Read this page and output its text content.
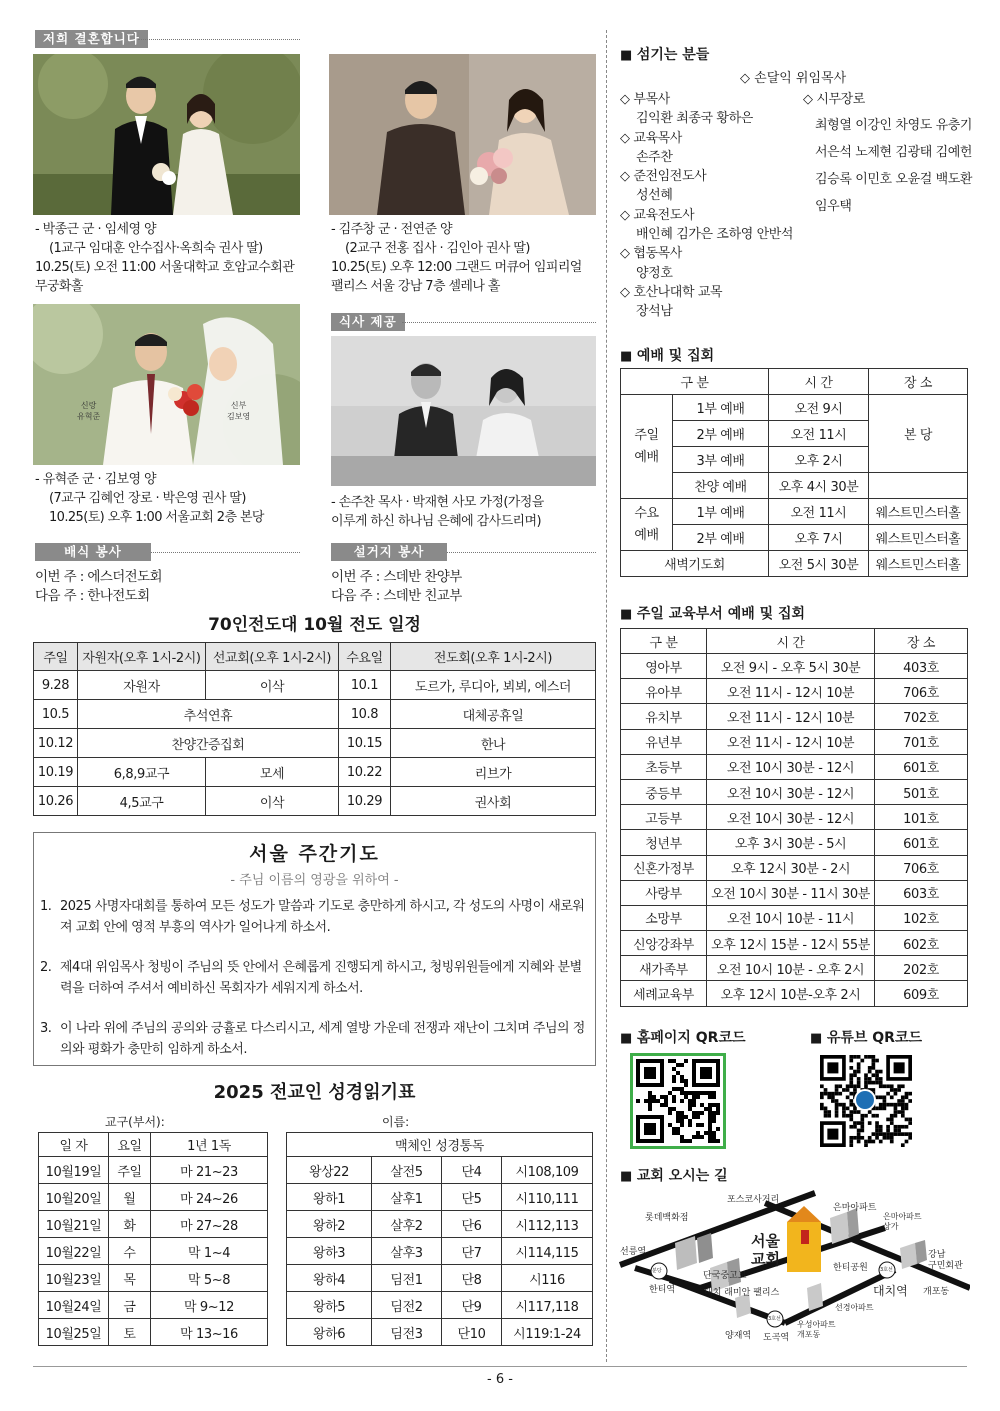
저희 결혼합니다
- 박종근 군 · 임세영 양
(1교구 임대훈 안수집사·옥희숙 권사 딸)
10.25(토) 오전 11:00 서울대학교 호암교수회관
무궁화홀
- 김주창 군 · 전연준 양
(2교구 전홍 집사 · 김인아 권사 딸)
10.25(토) 오후 12:00 그랜드 머큐어 임피리얼
팰리스 서울 강남 7층 셀레나 홀
신랑
유혁준
신부
김보영
- 유혁준 군 · 김보영 양
(7교구 김혜언 장로 · 박은영 권사 딸)
10.25(토) 오후 1:00 서울교회 2층 본당
식사 제공
- 손주찬 목사 · 박재현 사모 가정(가정을
이루게 하신 하나님 은혜에 감사드리며)
배식 봉사
이번 주 : 에스더전도회
다음 주 : 한나전도회
설거지 봉사
이번 주 : 스데반 찬양부
다음 주 : 스데반 친교부
70인전도대 10월 전도 일정
주일	자원자(오후 1시-2시)	선교회(오후 1시-2시)	수요일	전도회(오후 1시-2시)
9.28	자원자	이삭	10.1	도르가, 루디아, 뵈뵈, 에스더
10.5	추석연휴		10.8	대체공휴일
10.12	찬양간증집회		10.15	한나
10.19	6,8,9교구	모세	10.22	리브가
10.26	4,5교구	이삭	10.29	권사회
서울 주간기도
- 주님 이름의 영광을 위하여 -
1. 2025 사명자대회를 통하여 모든 성도가 말씀과 기도로 충만하게 하시고, 각 성도의 사명이 새로워져 교회 안에 영적 부흥의 역사가 일어나게 하소서.
2. 제4대 위임목사 청빙이 주님의 뜻 안에서 은혜롭게 진행되게 하시고, 청빙위원들에게 지혜와 분별력을 더하여 주셔서 예비하신 목회자가 세워지게 하소서.
3. 이 나라 위에 주님의 공의와 긍휼로 다스리시고, 세계 열방 가운데 전쟁과 재난이 그치며 주님의 정의와 평화가 충만히 임하게 하소서.
2025 전교인 성경읽기표
교구(부서):	이름:
일 자	요일	1년 1독
10월19일	주일	마 21~23
10월20일	월	마 24~26
10월21일	화	마 27~28
10월22일	수	막 1~4
10월23일	목	막 5~8
10월24일	금	막 9~12
10월25일	토	막 13~16
맥체인 성경통독			
왕상22	살전5	단4	시108,109
왕하1	살후1	단5	시110,111
왕하2	살후2	단6	시112,113
왕하3	살후3	단7	시114,115
왕하4	딤전1	단8	시116
왕하5	딤전2	단9	시117,118
왕하6	딤전3	단10	시119:1-24
■ 섬기는 분들
◇ 손달익 위임목사
◇ 부목사
김익환 최종국 황하은
◇ 교육목사
손주찬
◇ 준전임전도사
성선혜
◇ 교육전도사
배인혜 김가은 조하영 안반석
◇ 협동목사
양정호
◇ 호산나대학 교목
장석남
◇ 시무장로
최형열 이강인 차영도 유충기
서은석 노제현 김광태 김예헌
김승록 이민호 오윤걸 백도환
임우택
■ 예배 및 집회
구 분		시 간	장 소
주일
예배	1부 예배	오전 9시	본 당
	2부 예배	오전 11시	
	3부 예배	오후 2시	
	찬양 예배	오후 4시 30분	
수요
예배	1부 예배	오전 11시	웨스트민스터홀
	2부 예배	오후 7시	웨스트민스터홀
새벽기도회		오전 5시 30분	웨스트민스터홀
■ 주일 교육부서 예배 및 집회
구 분	시 간	장 소
영아부	오전 9시 - 오후 5시 30분	403호
유아부	오전 11시 - 12시 10분	706호
유치부	오전 11시 - 12시 10분	702호
유년부	오전 11시 - 12시 10분	701호
초등부	오전 10시 30분 - 12시	601호
중등부	오전 10시 30분 - 12시	501호
고등부	오전 10시 30분 - 12시	101호
청년부	오후 3시 30분 - 5시	601호
신혼가정부	오후 12시 30분 - 2시	706호
사랑부	오전 10시 30분 - 11시 30분	603호
소망부	오전 10시 10분 - 11시	102호
신앙강좌부	오후 12시 15분 - 12시 55분	602호
새가족부	오전 10시 10분 - 오후 2시	202호
세례교육부	오후 12시 10분-오후 2시	609호
■ 홈페이지 QR코드	■ 유튜브 QR코드
■ 교회 오시는 길
포스코사거리
롯데백화점
은마아파트
은마아파트
상가
선릉역
한티역
단국중고교
서울
교회	한티공원
대치역
강남
구민회관
개포동
대치 래미안 팰리스
선경아파트
양재역 도곡역
우성아파트
개포동
분당	3호선
3호선
- 6 -
